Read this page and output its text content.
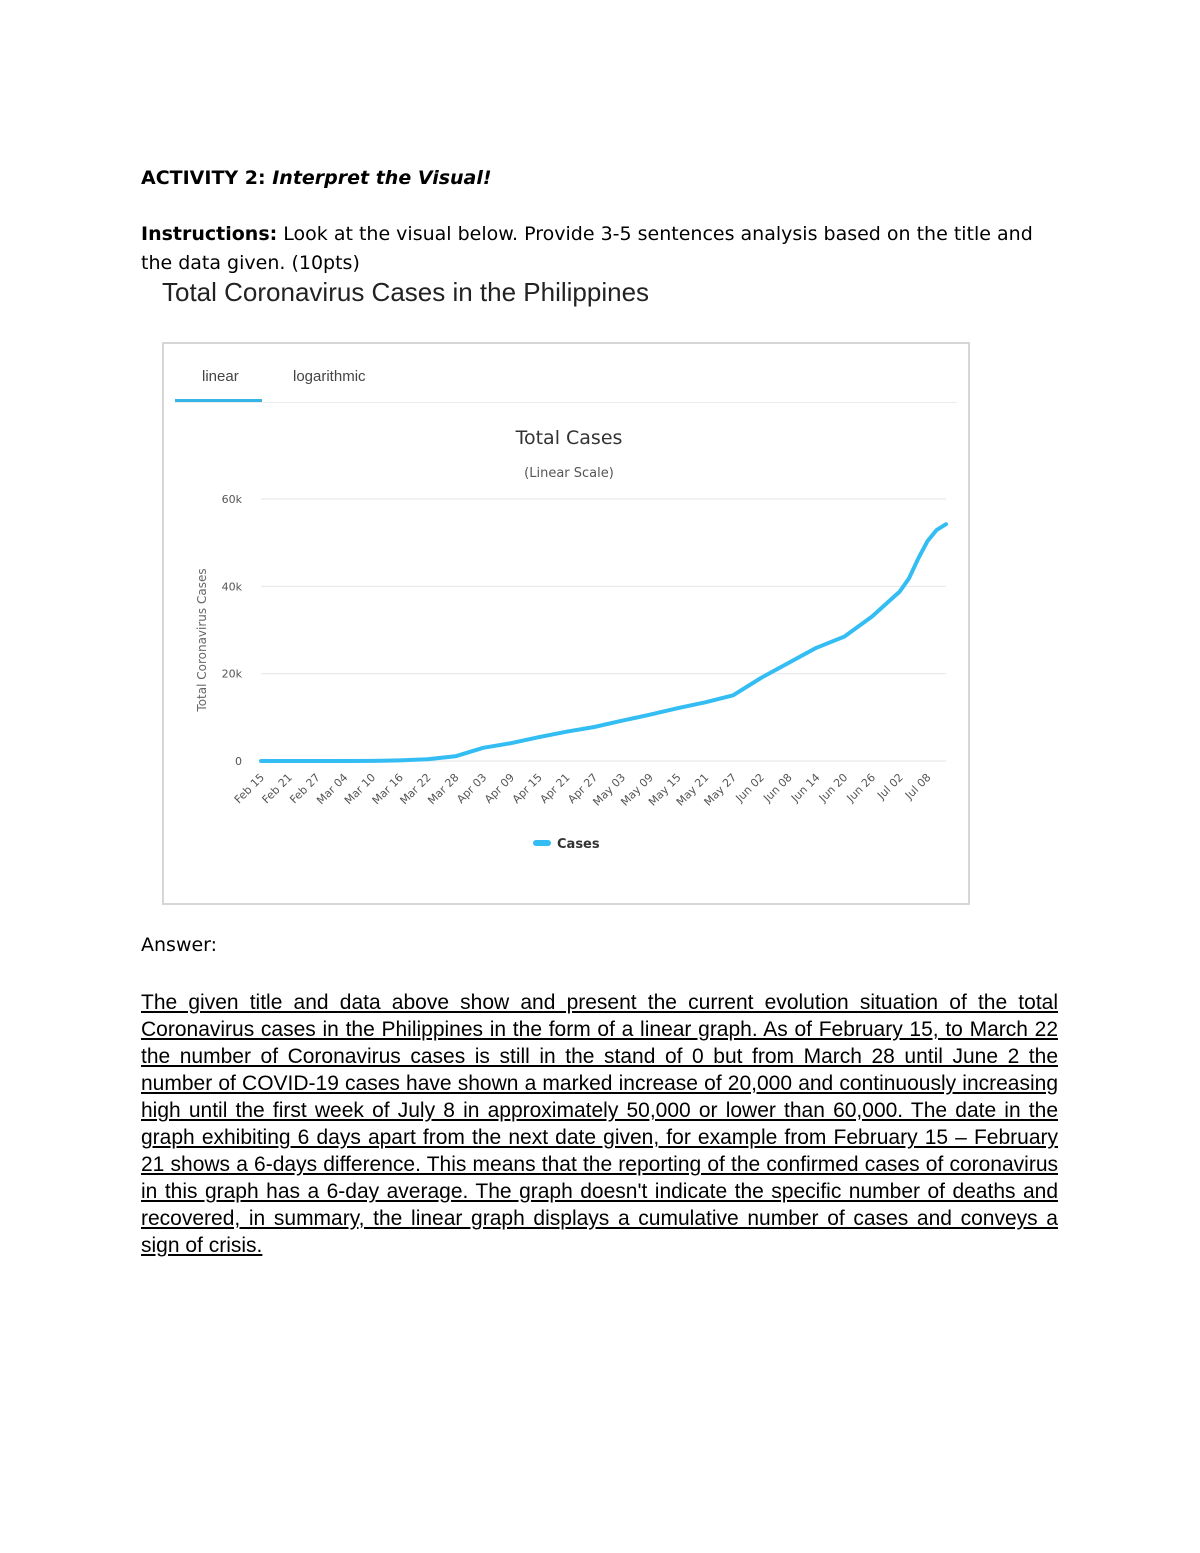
ACTIVITY 2: Interpret the Visual!
Instructions: Look at the visual below. Provide 3-5 sentences analysis based on the title and the data given. (10pts)
Total Coronavirus Cases in the Philippines
linear	logarithmic
Total Cases
(Linear Scale)
0
20k
40k
60k
Total Coronavirus Cases
Feb 15
Feb 21
Feb 27
Mar 04
Mar 10
Mar 16
Mar 22
Mar 28
Apr 03
Apr 09
Apr 15
Apr 21
Apr 27
May 03
May 09
May 15
May 21
May 27
Jun 02
Jun 08
Jun 14
Jun 20
Jun 26
Jul 02
Jul 08
Cases
Answer:
The given title and data above show and present the current evolution situation of the total Coronavirus cases in the Philippines in the form of a linear graph. As of February 15, to March 22 the number of Coronavirus cases is still in the stand of 0 but from March 28 until June 2 the number of COVID-19 cases have shown a marked increase of 20,000 and continuously increasing high until the first week of July 8 in approximately 50,000 or lower than 60,000. The date in the graph exhibiting 6 days apart from the next date given, for example from February 15 – February 21 shows a 6-days difference. This means that the reporting of the confirmed cases of coronavirus in this graph has a 6-day average. The graph doesn't indicate the specific number of deaths and recovered, in summary, the linear graph displays a cumulative number of cases and conveys a sign of crisis.
